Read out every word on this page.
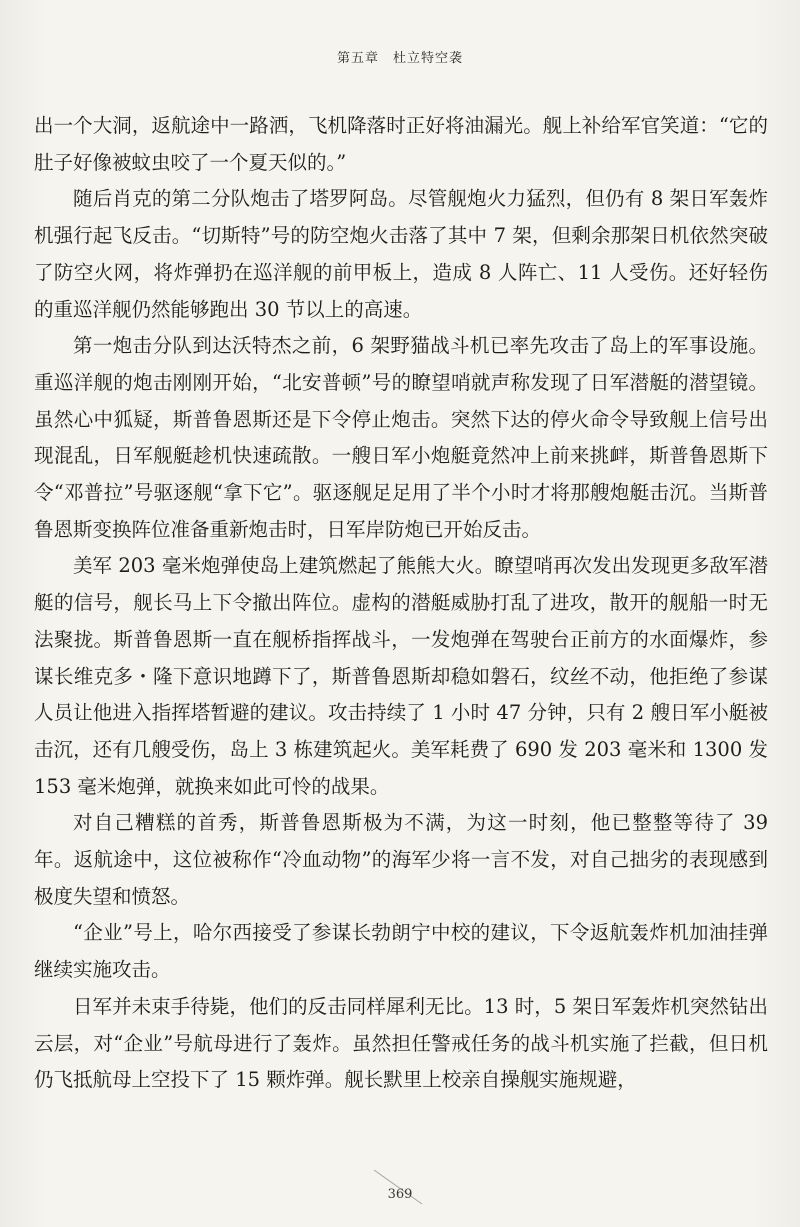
第五章　杜立特空袭

出一个大洞，返航途中一路洒，飞机降落时正好将油漏光。舰上补给军官笑道：“它的肚子好像被蚊虫咬了一个夏天似的。”

随后肖克的第二分队炮击了塔罗阿岛。尽管舰炮火力猛烈，但仍有 8 架日军轰炸机强行起飞反击。“切斯特”号的防空炮火击落了其中 7 架，但剩余那架日机依然突破了防空火网，将炸弹扔在巡洋舰的前甲板上，造成 8 人阵亡、11 人受伤。还好轻伤的重巡洋舰仍然能够跑出 30 节以上的高速。

第一炮击分队到达沃特杰之前，6 架野猫战斗机已率先攻击了岛上的军事设施。重巡洋舰的炮击刚刚开始，“北安普顿”号的瞭望哨就声称发现了日军潜艇的潜望镜。虽然心中狐疑，斯普鲁恩斯还是下令停止炮击。突然下达的停火命令导致舰上信号出现混乱，日军舰艇趁机快速疏散。一艘日军小炮艇竟然冲上前来挑衅，斯普鲁恩斯下令“邓普拉”号驱逐舰“拿下它”。驱逐舰足足用了半个小时才将那艘炮艇击沉。当斯普鲁恩斯变换阵位准备重新炮击时，日军岸防炮已开始反击。

美军 203 毫米炮弹使岛上建筑燃起了熊熊大火。瞭望哨再次发出发现更多敌军潜艇的信号，舰长马上下令撤出阵位。虚构的潜艇威胁打乱了进攻，散开的舰船一时无法聚拢。斯普鲁恩斯一直在舰桥指挥战斗，一发炮弹在驾驶台正前方的水面爆炸，参谋长维克多・隆下意识地蹲下了，斯普鲁恩斯却稳如磐石，纹丝不动，他拒绝了参谋人员让他进入指挥塔暂避的建议。攻击持续了 1 小时 47 分钟，只有 2 艘日军小艇被击沉，还有几艘受伤，岛上 3 栋建筑起火。美军耗费了 690 发 203 毫米和 1300 发 153 毫米炮弹，就换来如此可怜的战果。

对自己糟糕的首秀，斯普鲁恩斯极为不满，为这一时刻，他已整整等待了 39 年。返航途中，这位被称作“冷血动物”的海军少将一言不发，对自己拙劣的表现感到极度失望和愤怒。

“企业”号上，哈尔西接受了参谋长勃朗宁中校的建议，下令返航轰炸机加油挂弹继续实施攻击。

日军并未束手待毙，他们的反击同样犀利无比。13 时，5 架日军轰炸机突然钻出云层，对“企业”号航母进行了轰炸。虽然担任警戒任务的战斗机实施了拦截，但日机仍飞抵航母上空投下了 15 颗炸弹。舰长默里上校亲自操舰实施规避，

369
